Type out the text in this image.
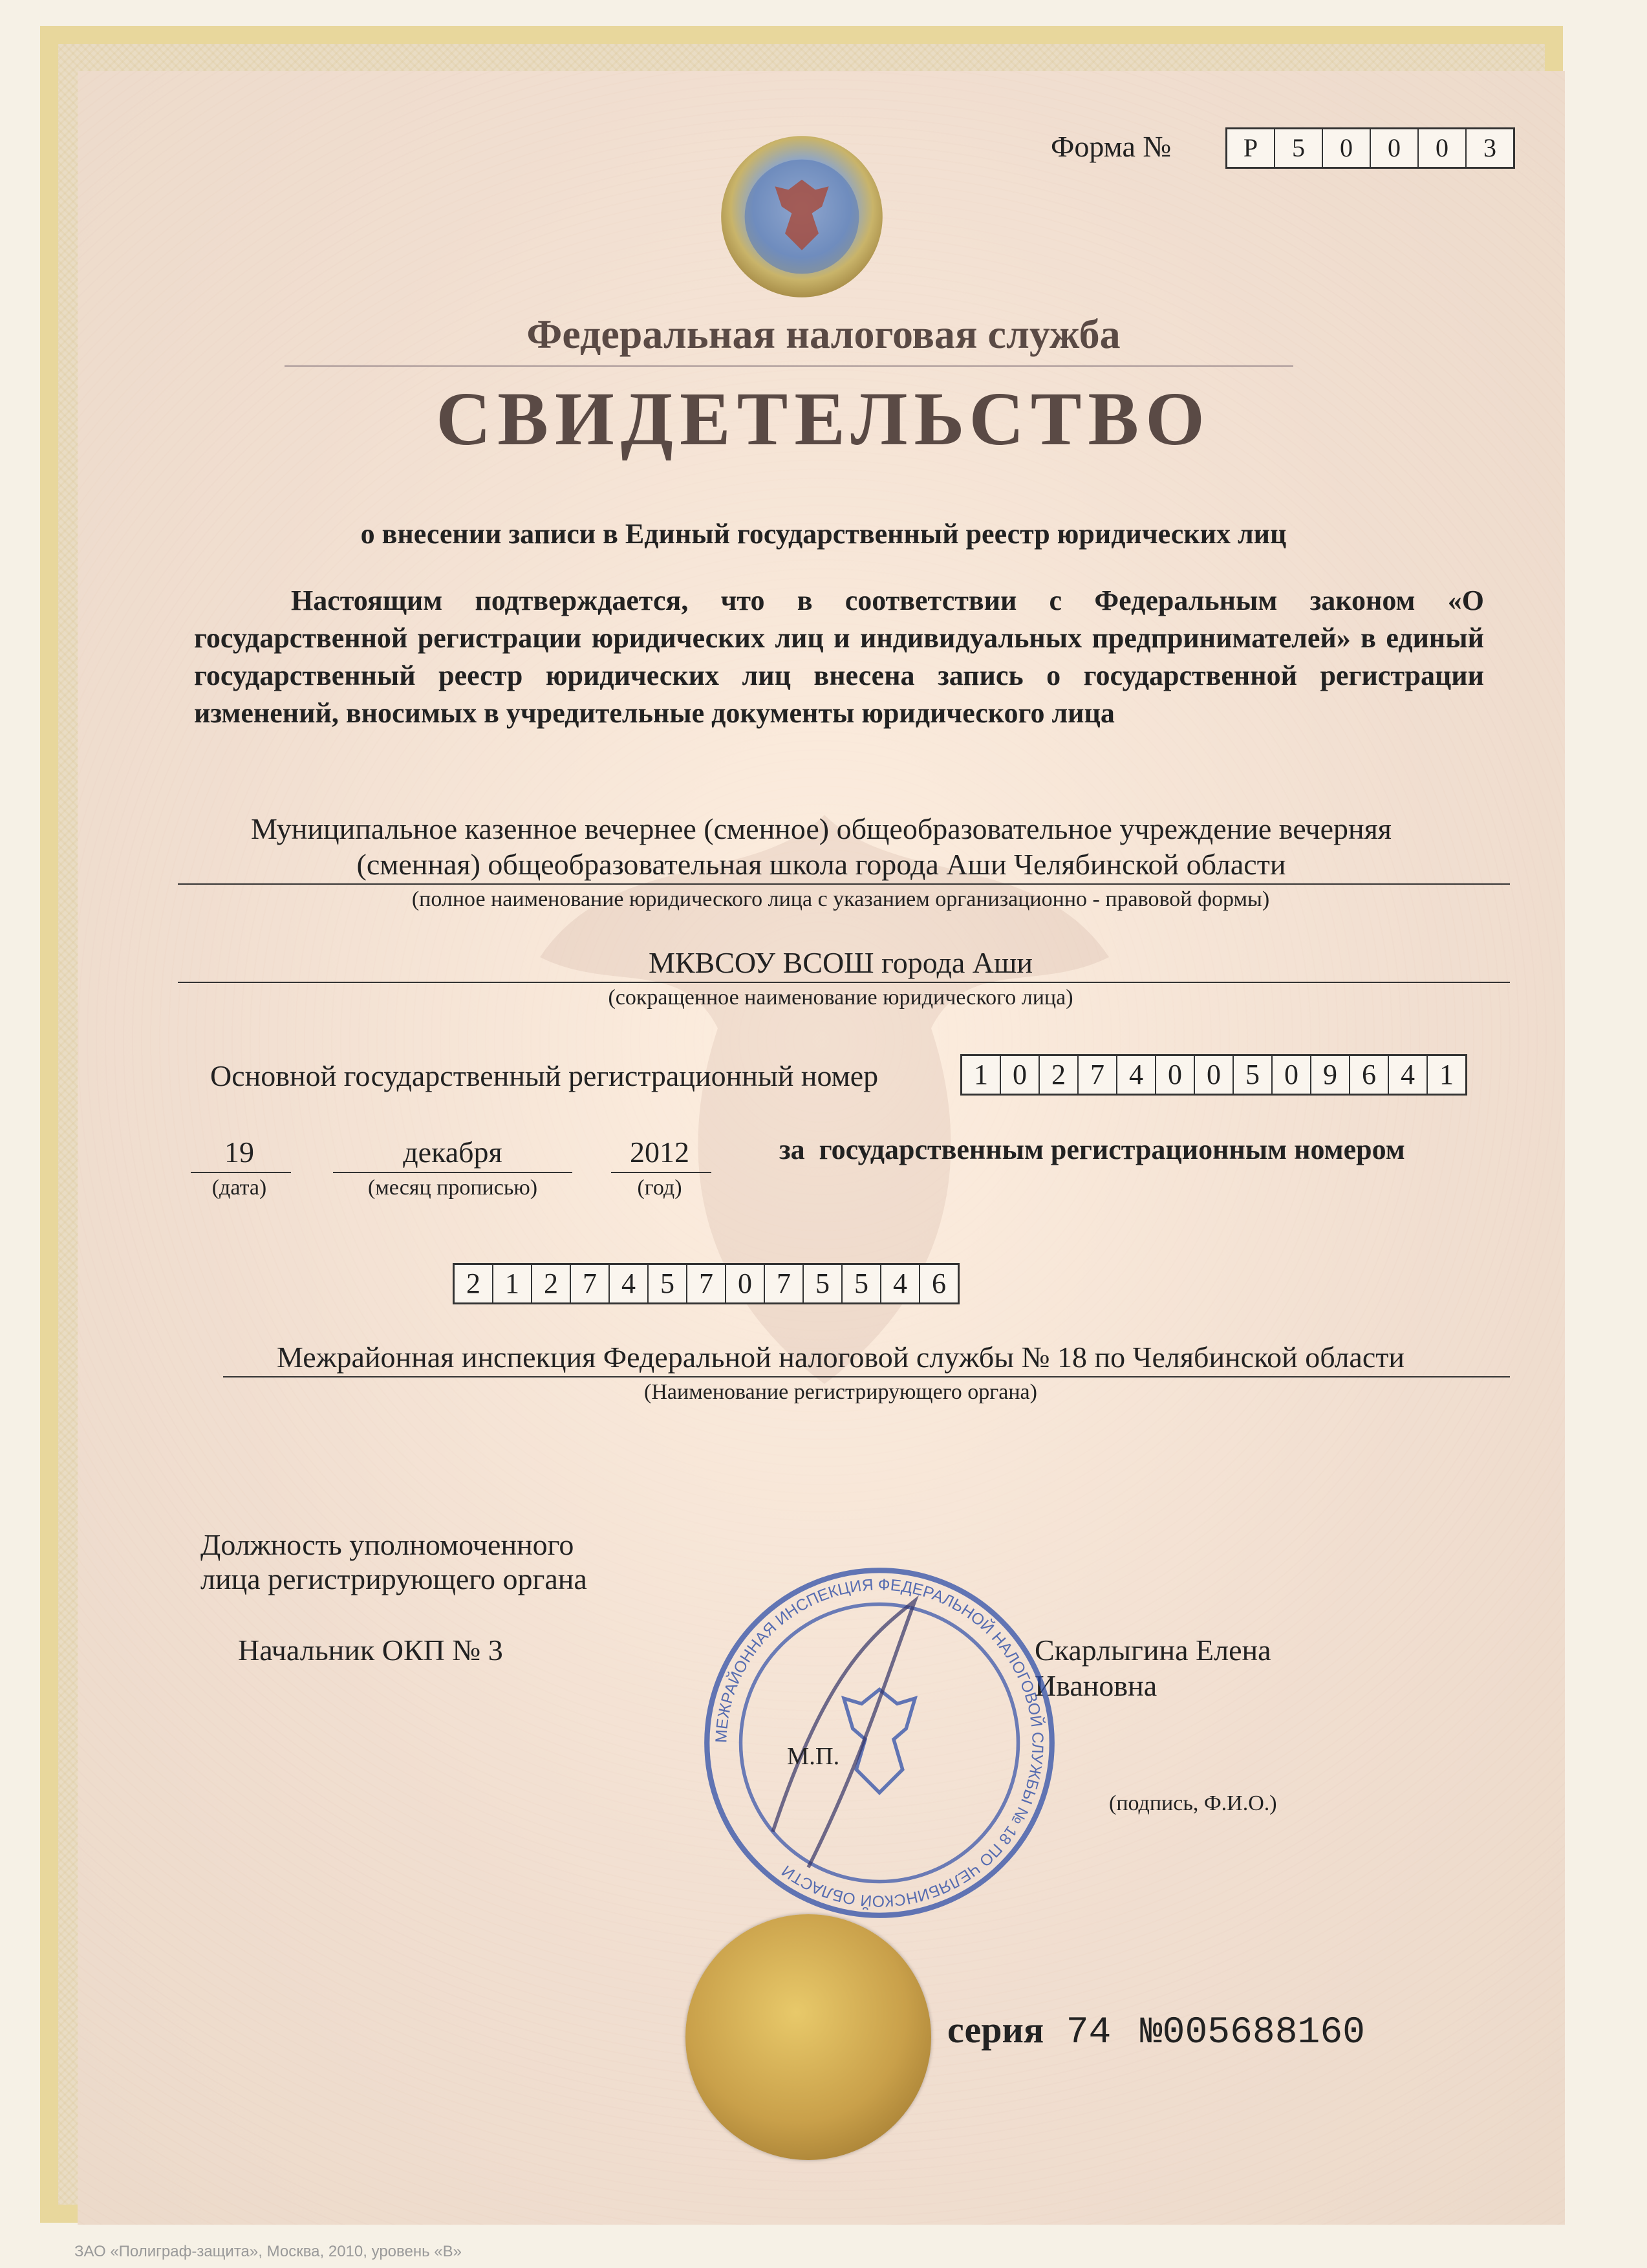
Форма №	Р	5	0	0	0	3
Федеральная налоговая служба
СВИДЕТЕЛЬСТВО
о внесении записи в Единый государственный реестр юридических лиц
Настоящим подтверждается, что в соответствии с Федеральным законом «О государственной регистрации юридических лиц и индивидуальных предпринимателей» в единый государственный реестр юридических лиц внесена запись о государственной регистрации изменений, вносимых в учредительные документы юридического лица
Муниципальное казенное вечернее (сменное) общеобразовательное учреждение вечерняя
(сменная) общеобразовательная школа города Аши Челябинской области
(полное наименование юридического лица с указанием организационно - правовой формы)
МКВСОУ ВСОШ города Аши
(сокращенное наименование юридического лица)
Основной государственный регистрационный номер	1 0 2 7 4 0 0 5 0 9 6 4 1
19
(дата)
декабря
(месяц прописью)
2012
(год)
за  государственным регистрационным номером
2 1 2 7 4 5 7 0 7 5 5 4 6
Межрайонная инспекция Федеральной налоговой службы № 18 по Челябинской области
(Наименование регистрирующего органа)
Должность уполномоченного
лица регистрирующего органа
Начальник ОКП № 3	Скарлыгина Елена
Ивановна
(подпись, Ф.И.О.)
МЕЖРАЙОННАЯ ИНСПЕКЦИЯ ФЕДЕРАЛЬНОЙ НАЛОГОВОЙ СЛУЖБЫ № 18 ПО ЧЕЛЯБИНСКОЙ ОБЛАСТИ
М.П.
серия 74 №005688160
ЗАО «Полиграф-защита», Москва, 2010, уровень «В»
